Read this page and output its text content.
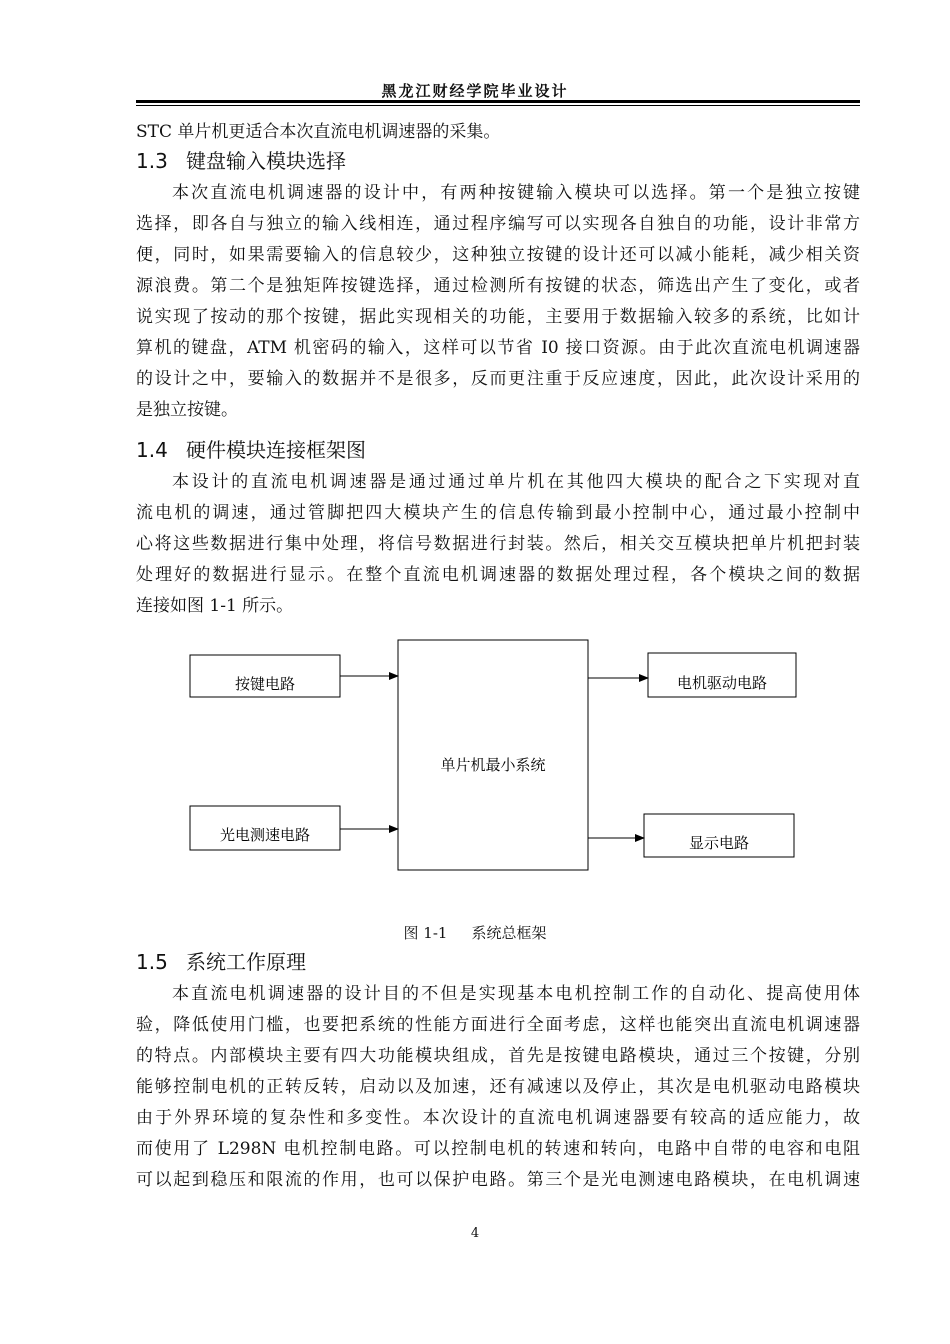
黑龙江财经学院毕业设计
STC 单片机更适合本次直流电机调速器的采集。
1.3 键盘输入模块选择
本次直流电机调速器的设计中，有两种按键输入模块可以选择。第一个是独立按键
选择，即各自与独立的输入线相连，通过程序编写可以实现各自独自的功能，设计非常方
便，同时，如果需要输入的信息较少，这种独立按键的设计还可以减小能耗，减少相关资
源浪费。第二个是独矩阵按键选择，通过检测所有按键的状态，筛选出产生了变化，或者
说实现了按动的那个按键，据此实现相关的功能，主要用于数据输入较多的系统，比如计
算机的键盘，ATM 机密码的输入，这样可以节省 I0 接口资源。由于此次直流电机调速器
的设计之中，要输入的数据并不是很多，反而更注重于反应速度，因此，此次设计采用的
是独立按键。
1.4 硬件模块连接框架图
本设计的直流电机调速器是通过通过单片机在其他四大模块的配合之下实现对直
流电机的调速，通过管脚把四大模块产生的信息传输到最小控制中心，通过最小控制中
心将这些数据进行集中处理，将信号数据进行封装。然后，相关交互模块把单片机把封装
处理好的数据进行显示。在整个直流电机调速器的数据处理过程，各个模块之间的数据
连接如图 1-1 所示。
按键电路
光电测速电路
单片机最小系统
电机驱动电路
显示电路
图 1-1 系统总框架
1.5 系统工作原理
本直流电机调速器的设计目的不但是实现基本电机控制工作的自动化、提高使用体
验，降低使用门槛，也要把系统的性能方面进行全面考虑，这样也能突出直流电机调速器
的特点。内部模块主要有四大功能模块组成，首先是按键电路模块，通过三个按键，分别
能够控制电机的正转反转，启动以及加速，还有减速以及停止，其次是电机驱动电路模块
由于外界环境的复杂性和多变性。本次设计的直流电机调速器要有较高的适应能力，故
而使用了 L298N 电机控制电路。可以控制电机的转速和转向，电路中自带的电容和电阻
可以起到稳压和限流的作用，也可以保护电路。第三个是光电测速电路模块，在电机调速
4
